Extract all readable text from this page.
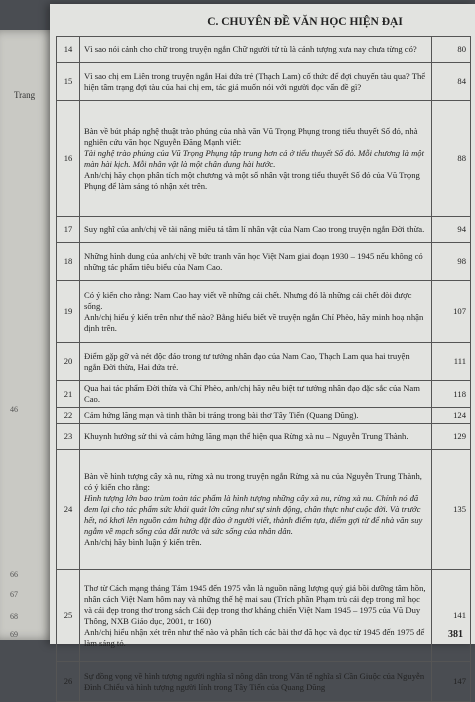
Trang
46
66
67
68
69
C. CHUYÊN ĐỀ VĂN HỌC HIỆN ĐẠI
14	Vì sao nói cảnh cho chữ trong truyện ngắn Chữ người tử tù là cảnh tượng xưa nay chưa từng có?	80
15	Vì sao chị em Liên trong truyện ngắn Hai đứa trẻ (Thạch Lam) cố thức để đợi chuyến tàu qua? Thể hiện tâm trạng đợi tàu của hai chị em, tác giả muốn nói với người đọc vấn đề gì?	84
16	Bàn về bút pháp nghệ thuật trào phúng của nhà văn Vũ Trọng Phụng trong tiểu thuyết Số đỏ, nhà nghiên cứu văn học Nguyễn Đăng Mạnh viết:

Tài nghệ trào phúng của Vũ Trọng Phụng tập trung hơn cả ở tiểu thuyết Số đỏ. Mỗi chương là một màn hài kịch. Mỗi nhân vật là một chân dung hài hước.

Anh/chị hãy chọn phân tích một chương và một số nhân vật trong tiểu thuyết Số đỏ của Vũ Trọng Phụng để làm sáng tỏ nhận xét trên.	88
17	Suy nghĩ của anh/chị về tài năng miêu tả tâm lí nhân vật của Nam Cao trong truyện ngắn Đời thừa.	94
18	Những hình dung của anh/chị về bức tranh văn học Việt Nam giai đoạn 1930 – 1945 nếu không có những tác phẩm tiêu biểu của Nam Cao.	98
19	Có ý kiến cho rằng: Nam Cao hay viết về những cái chết. Nhưng đó là những cái chết đòi được sống.

Anh/chị hiểu ý kiến trên như thế nào? Bằng hiểu biết về truyện ngắn Chí Phèo, hãy minh hoạ nhận định trên.	107
20	Điểm gặp gỡ và nét độc đáo trong tư tưởng nhân đạo của Nam Cao, Thạch Lam qua hai truyện ngắn Đời thừa, Hai đứa trẻ.	111
21	Qua hai tác phẩm Đời thừa và Chí Phèo, anh/chị hãy nêu biệt tư tưởng nhân đạo đặc sắc của Nam Cao.	118
22	Cảm hứng lãng mạn và tinh thần bi tráng trong bài thơ Tây Tiến (Quang Dũng).	124
23	Khuynh hướng sử thi và cảm hứng lãng mạn thể hiện qua Rừng xà nu – Nguyễn Trung Thành.	129
24	Bàn về hình tượng cây xà nu, rừng xà nu trong truyện ngắn Rừng xà nu của Nguyễn Trung Thành, có ý kiến cho rằng:

Hình tượng lớn bao trùm toàn tác phẩm là hình tượng những cây xà nu, rừng xà nu. Chính nó đã đem lại cho tác phẩm sức khái quát lớn cũng như sự sinh động, chân thực như cuộc đời. Và trước hết, nó khơi lên nguồn cảm hứng đặt đào ở người viết, thành điểm tựa, điểm gợi từ để nhà văn suy ngẫm về mạch sống của đất nước và sức sống của nhân dân.

Anh/chị hãy bình luận ý kiến trên.	135
25	Thơ từ Cách mạng tháng Tám 1945 đến 1975 vẫn là nguồn năng lượng quý giá bồi dưỡng tâm hồn, nhân cách Việt Nam hôm nay và những thế hệ mai sau (Trích phần Phạm trù cái đẹp trong mĩ học và cái đẹp trong thơ trong sách Cái đẹp trong thơ kháng chiến Việt Nam 1945 – 1975 của Vũ Duy Thông, NXB Giáo dục, 2001, tr 160)

Anh/chị hiểu nhận xét trên như thế nào và phân tích các bài thơ đã học và đọc từ 1945 đến 1975 để làm sáng tỏ.	141
26	Sự đồng vọng về hình tượng người nghĩa sĩ nông dân trong Văn tế nghĩa sĩ Cần Giuộc của Nguyễn Đình Chiểu và hình tượng người lính trong Tây Tiến của Quang Dũng	147
381
